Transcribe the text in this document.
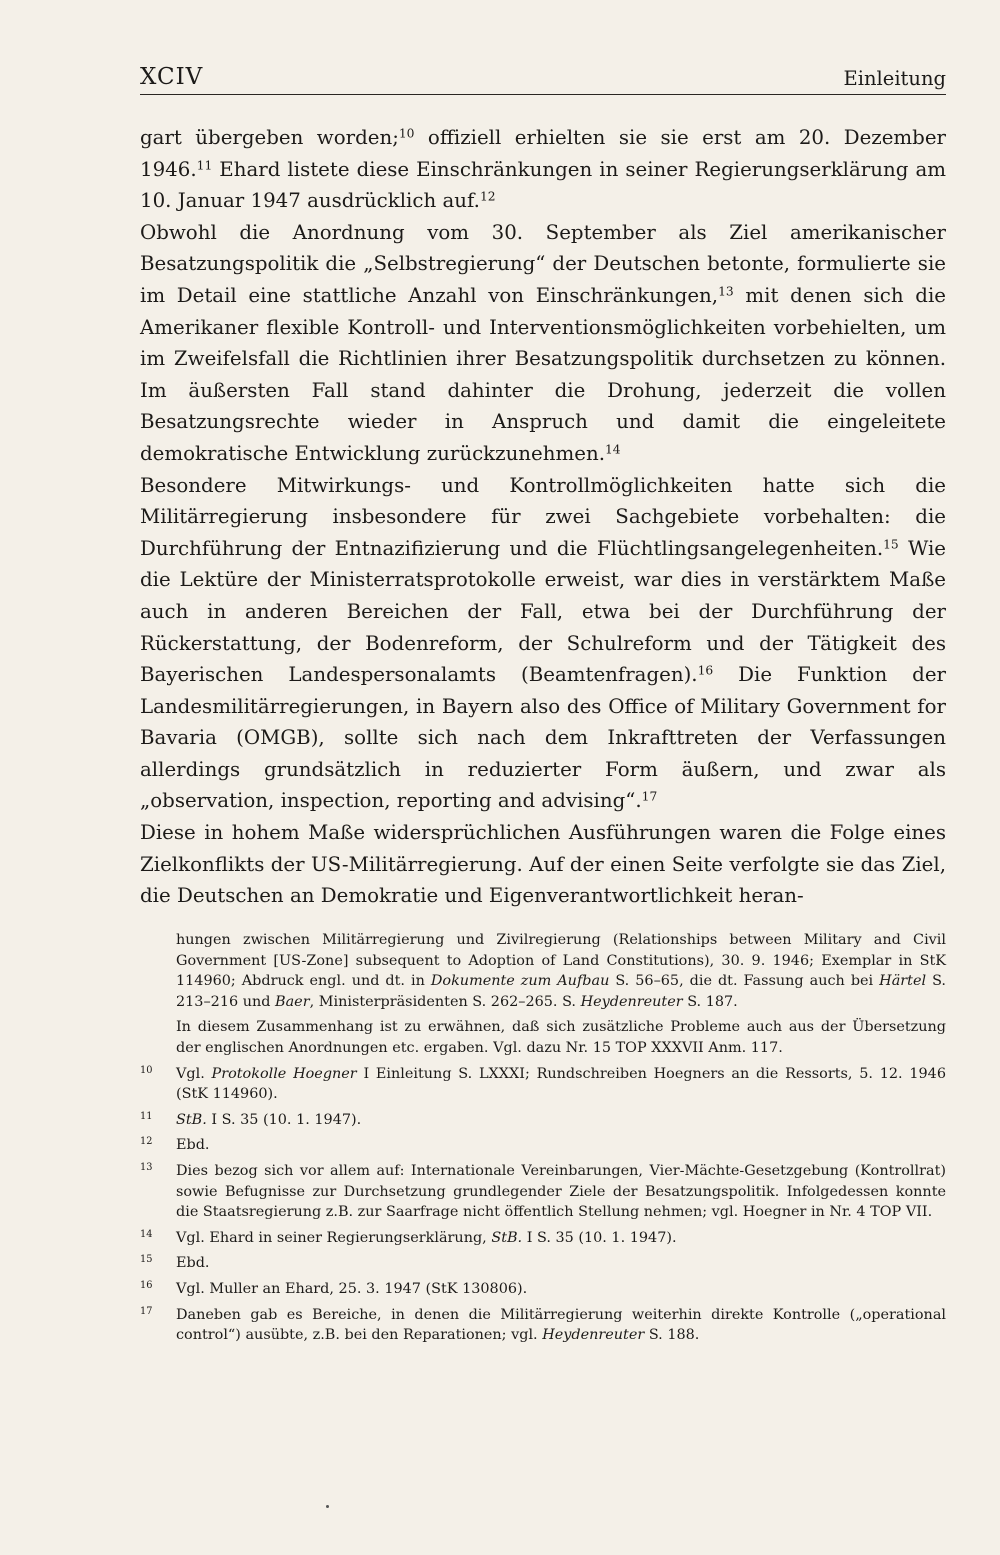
XCIV	Einleitung

gart übergeben worden;$^{10}$ offiziell erhielten sie sie erst am 20. Dezember 1946.11 Ehard listete diese Einschränkungen in seiner Regierungserklärung am 10. Januar 1947 ausdrücklich auf.$^{12}$

Obwohl die Anordnung vom 30. September als Ziel amerikanischer Besatzungspolitik die „Selbstregierung“ der Deutschen betonte, formulierte sie im Detail eine stattliche Anzahl von Einschränkungen,$^{13}$ mit denen sich die Amerikaner flexible Kontroll- und Interventionsmöglichkeiten vorbehielten, um im Zweifelsfall die Richtlinien ihrer Besatzungspolitik durchsetzen zu können. Im äußersten Fall stand dahinter die Drohung, jederzeit die vollen Besatzungsrechte wieder in Anspruch und damit die eingeleitete demokratische Entwicklung zurückzunehmen.$^{14}$

Besondere Mitwirkungs- und Kontrollmöglichkeiten hatte sich die Militärregierung insbesondere für zwei Sachgebiete vorbehalten: die Durchführung der Entnazifizierung und die Flüchtlingsangelegenheiten.$^{15}$ Wie die Lektüre der Ministerratsprotokolle erweist, war dies in verstärktem Maße auch in anderen Bereichen der Fall, etwa bei der Durchführung der Rückerstattung, der Bodenreform, der Schulreform und der Tätigkeit des Bayerischen Landespersonalamts (Beamtenfragen).$^{16}$ Die Funktion der Landesmilitärregierungen, in Bayern also des Office of Military Government for Bavaria (OMGB), sollte sich nach dem Inkrafttreten der Verfassungen allerdings grundsätzlich in reduzierter Form äußern, und zwar als „observation, inspection, reporting and advising“.$^{17}$

Diese in hohem Maße widersprüchlichen Ausführungen waren die Folge eines Zielkonflikts der US-Militärregierung. Auf der einen Seite verfolgte sie das Ziel, die Deutschen an Demokratie und Eigenverantwortlichkeit heran-

hungen zwischen Militärregierung und Zivilregierung (Relationships between Military and Civil Government [US-Zone] subsequent to Adoption of Land Constitutions), 30. 9. 1946; Exemplar in StK 114960; Abdruck engl. und dt. in Dokumente zum Aufbau S. 56–65, die dt. Fassung auch bei Härtel S. 213–216 und Baer, Ministerpräsidenten S. 262–265. S. Heydenreuter S. 187.
In diesem Zusammenhang ist zu erwähnen, daß sich zusätzliche Probleme auch aus der Übersetzung der englischen Anordnungen etc. ergaben. Vgl. dazu Nr. 15 TOP XXXVII Anm. 117.
10 Vgl. Protokolle Hoegner I Einleitung S. LXXXI; Rundschreiben Hoegners an die Ressorts, 5. 12. 1946 (StK 114960).
11 StB. I S. 35 (10. 1. 1947).
12 Ebd.
13 Dies bezog sich vor allem auf: Internationale Vereinbarungen, Vier-Mächte-Gesetzgebung (Kontrollrat) sowie Befugnisse zur Durchsetzung grundlegender Ziele der Besatzungspolitik. Infolgedessen konnte die Staatsregierung z.B. zur Saarfrage nicht öffentlich Stellung nehmen; vgl. Hoegner in Nr. 4 TOP VII.
14 Vgl. Ehard in seiner Regierungserklärung, StB. I S. 35 (10. 1. 1947).
15 Ebd.
16 Vgl. Muller an Ehard, 25. 3. 1947 (StK 130806).
17 Daneben gab es Bereiche, in denen die Militärregierung weiterhin direkte Kontrolle („operational control“) ausübte, z.B. bei den Reparationen; vgl. Heydenreuter S. 188.
